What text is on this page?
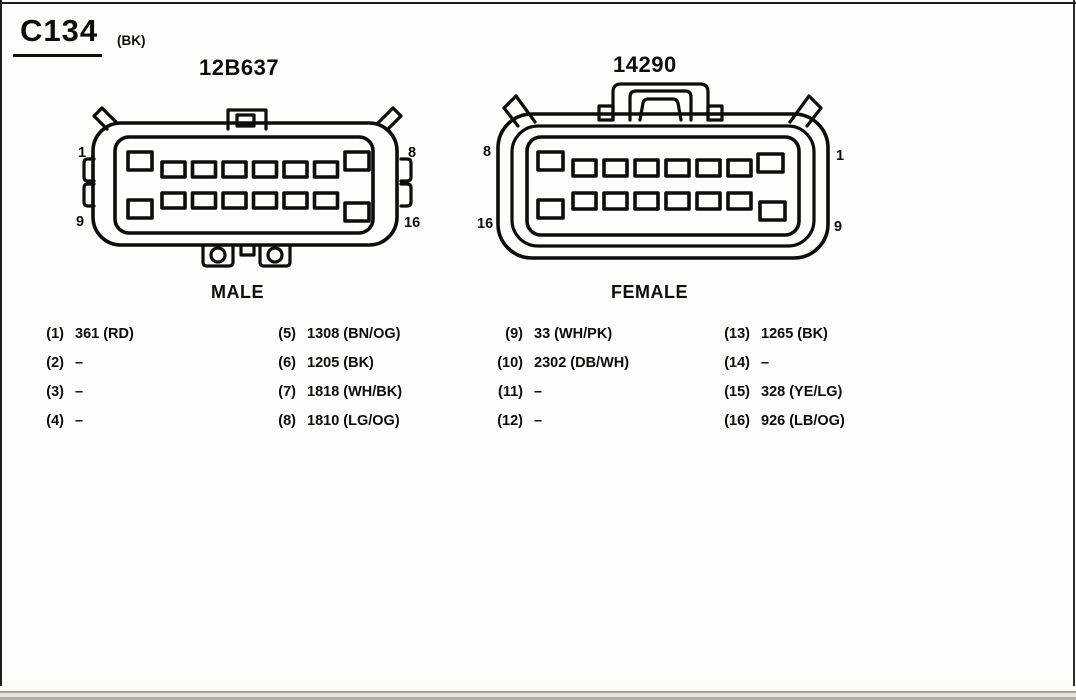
C134 (BK)
12B637	14290
1	8
9	16
8	1
16	9
MALE	FEMALE
(1) 361 (RD)
(2) –
(3) –
(4) –
(5) 1308 (BN/OG)
(6) 1205 (BK)
(7) 1818 (WH/BK)
(8) 1810 (LG/OG)
(9) 33 (WH/PK)
(10) 2302 (DB/WH)
(11) –
(12) –
(13) 1265 (BK)
(14) –
(15) 328 (YE/LG)
(16) 926 (LB/OG)
